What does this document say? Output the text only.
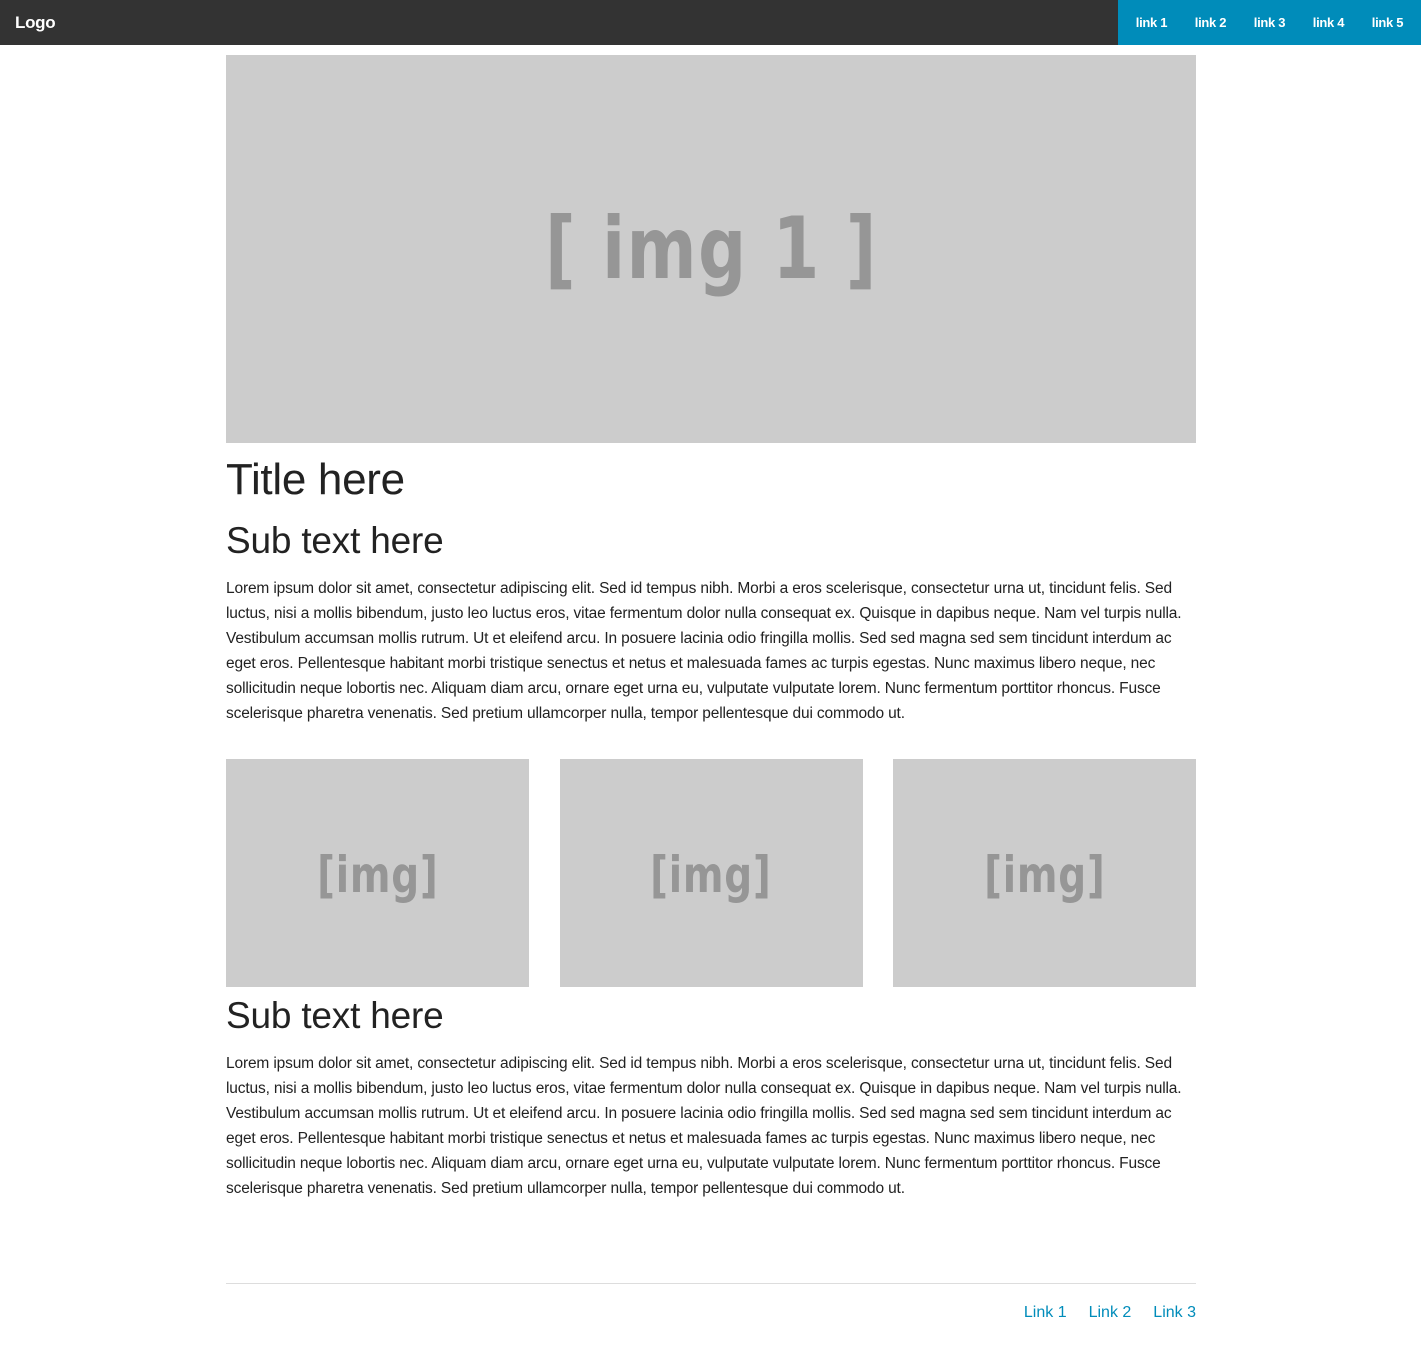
Logo	link 1 link 2 link 3 link 4 link 5
[ img 1 ]
Title here
Sub text here

Lorem ipsum dolor sit amet, consectetur adipiscing elit. Sed id tempus nibh. Morbi a eros scelerisque, consectetur urna ut, tincidunt felis. Sed luctus, nisi a mollis bibendum, justo leo luctus eros, vitae fermentum dolor nulla consequat ex. Quisque in dapibus neque. Nam vel turpis nulla. Vestibulum accumsan mollis rutrum. Ut et eleifend arcu. In posuere lacinia odio fringilla mollis. Sed sed magna sed sem tincidunt interdum ac eget eros. Pellentesque habitant morbi tristique senectus et netus et malesuada fames ac turpis egestas. Nunc maximus libero neque, nec sollicitudin neque lobortis nec. Aliquam diam arcu, ornare eget urna eu, vulputate vulputate lorem. Nunc fermentum porttitor rhoncus. Fusce scelerisque pharetra venenatis. Sed pretium ullamcorper nulla, tempor pellentesque dui commodo ut.

[img]	[img]	[img]
Sub text here

Lorem ipsum dolor sit amet, consectetur adipiscing elit. Sed id tempus nibh. Morbi a eros scelerisque, consectetur urna ut, tincidunt felis. Sed luctus, nisi a mollis bibendum, justo leo luctus eros, vitae fermentum dolor nulla consequat ex. Quisque in dapibus neque. Nam vel turpis nulla. Vestibulum accumsan mollis rutrum. Ut et eleifend arcu. In posuere lacinia odio fringilla mollis. Sed sed magna sed sem tincidunt interdum ac eget eros. Pellentesque habitant morbi tristique senectus et netus et malesuada fames ac turpis egestas. Nunc maximus libero neque, nec sollicitudin neque lobortis nec. Aliquam diam arcu, ornare eget urna eu, vulputate vulputate lorem. Nunc fermentum porttitor rhoncus. Fusce scelerisque pharetra venenatis. Sed pretium ullamcorper nulla, tempor pellentesque dui commodo ut.

Link 1 Link 2 Link 3
